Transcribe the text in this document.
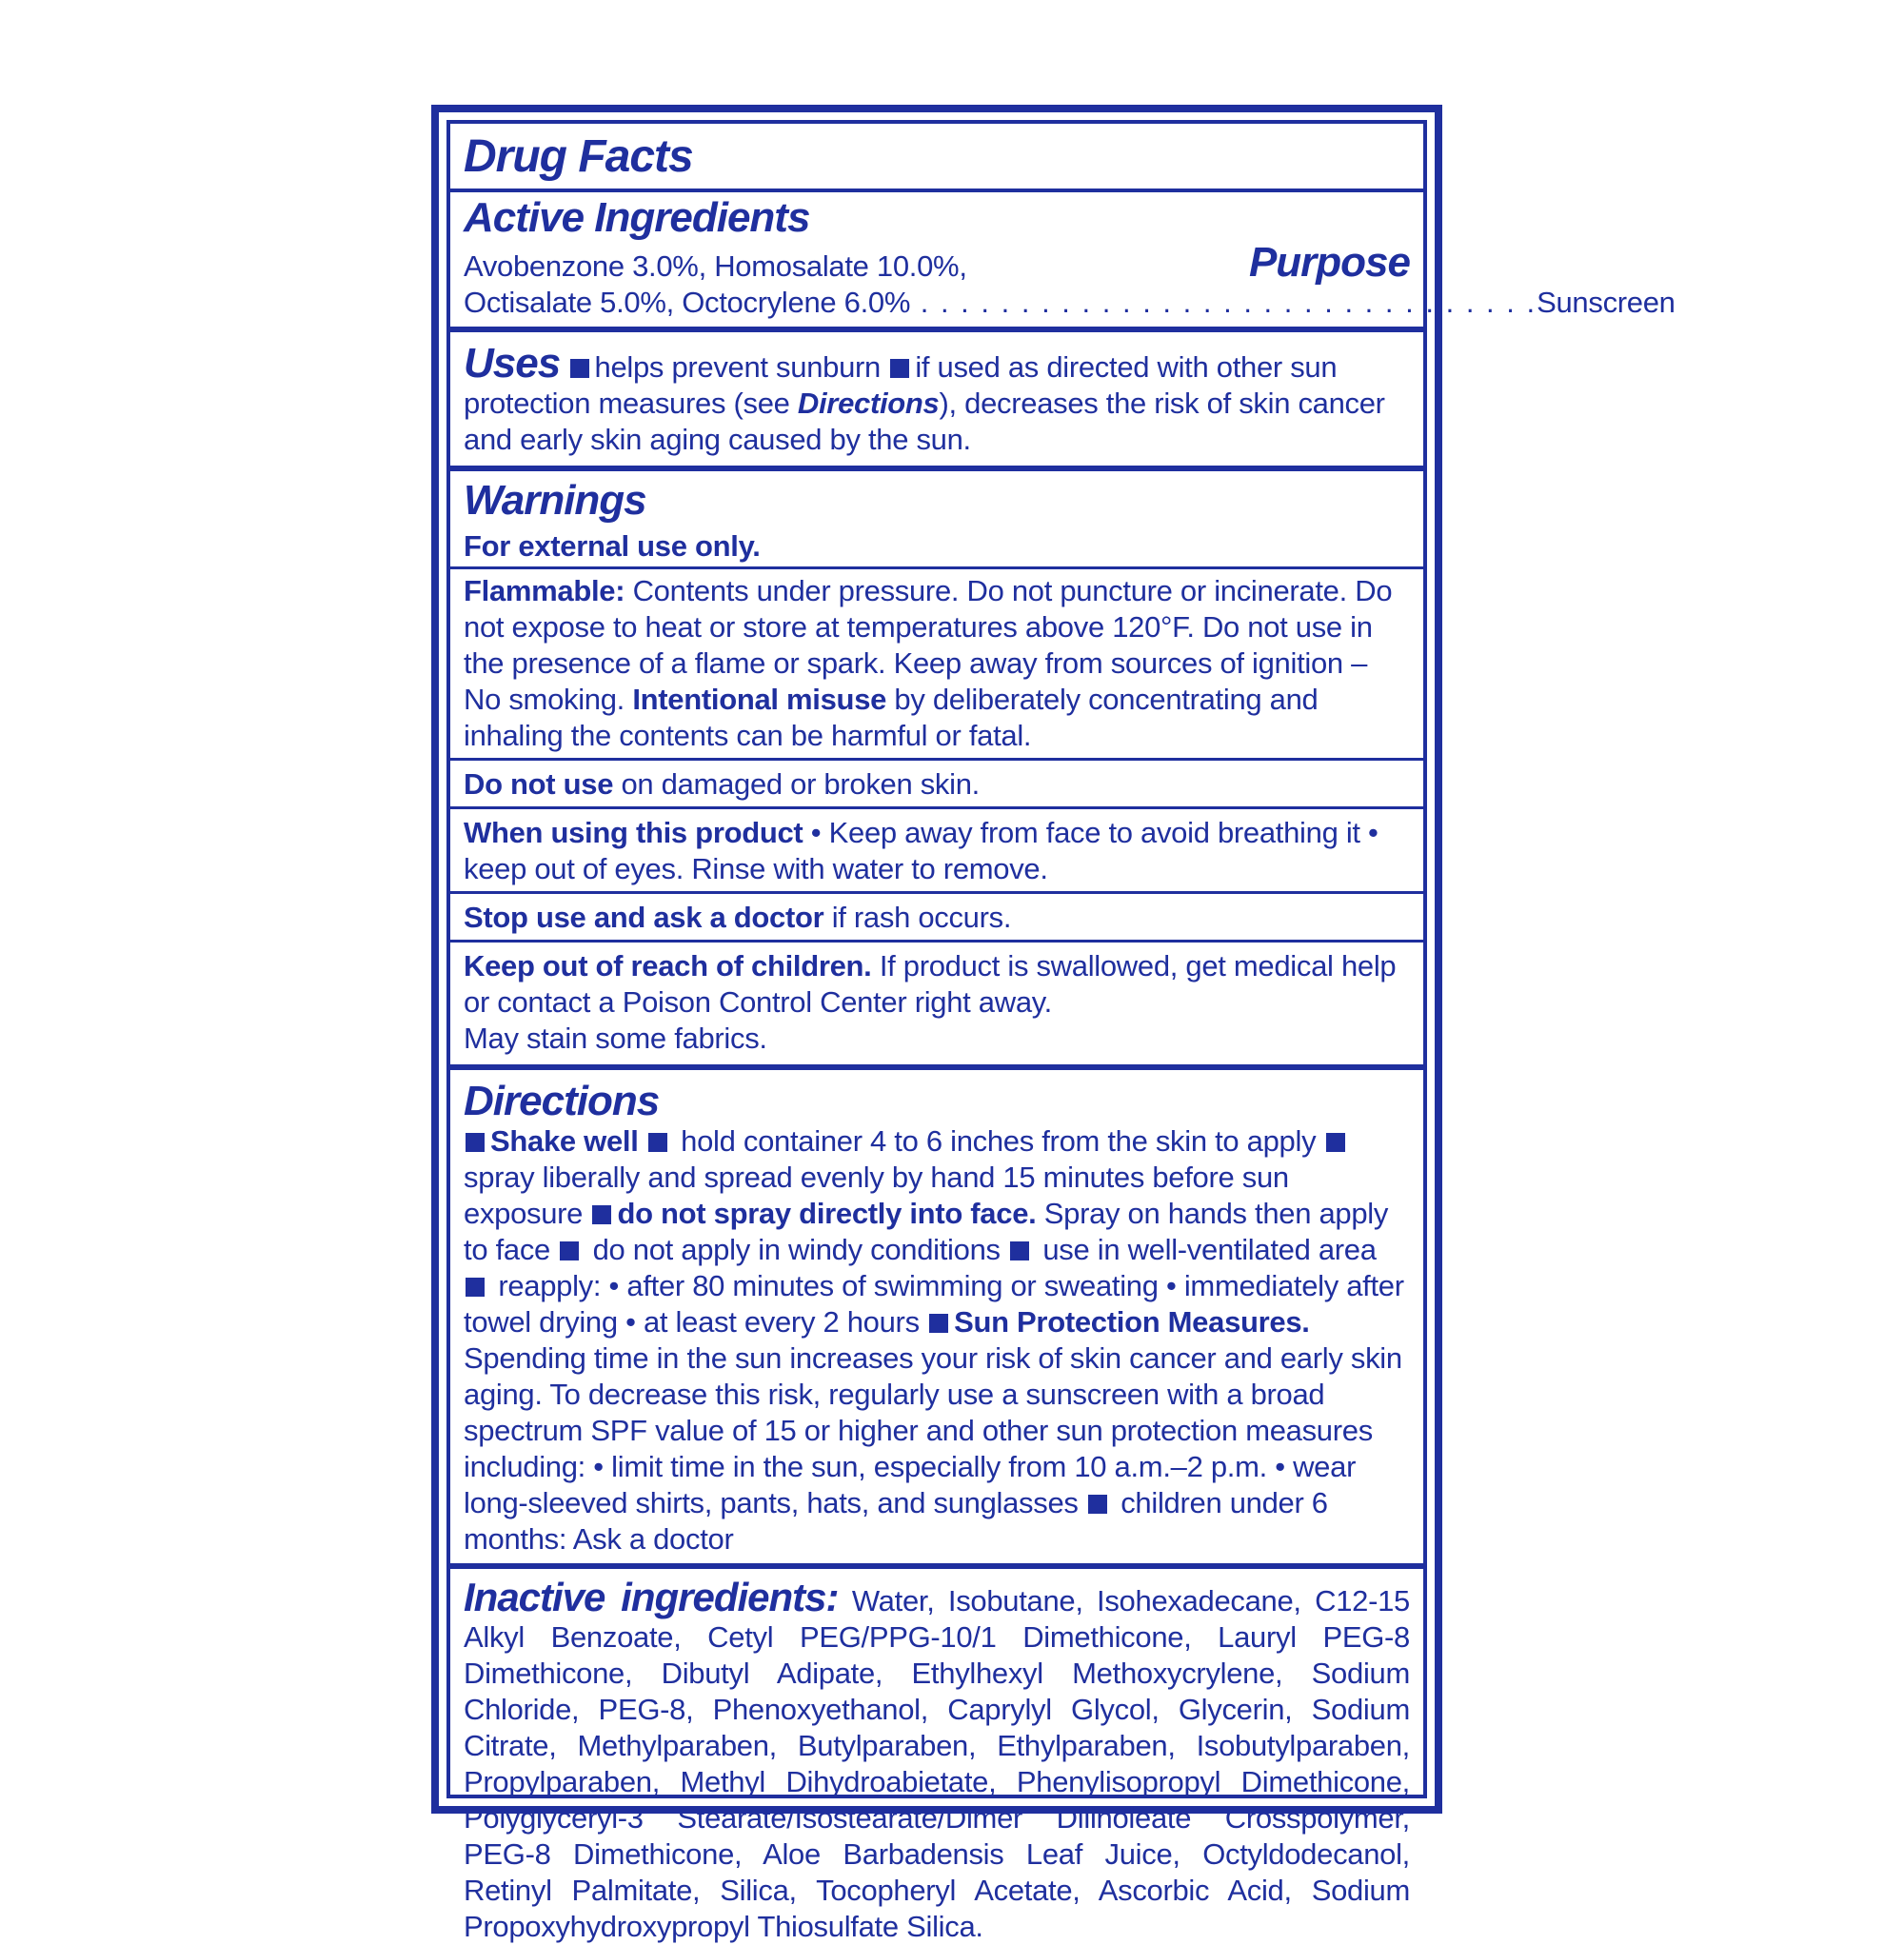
Drug Facts
Active Ingredients
Avobenzone 3.0%, Homosalate 10.0%,	Purpose
Octisalate 5.0%, Octocrylene 6.0% . . . . . . . . . . . . . . . . . . . . . . . . . . . . . . . Sunscreen
Uses helps prevent sunburn if used as directed with other sun protection measures (see Directions), decreases the risk of skin cancer and early skin aging caused by the sun.
Warnings
For external use only.
Flammable: Contents under pressure. Do not puncture or incinerate. Do not expose to heat or store at temperatures above 120°F. Do not use in the presence of a flame or spark. Keep away from sources of ignition – No smoking. Intentional misuse by deliberately concentrating and inhaling the contents can be harmful or fatal.
Do not use on damaged or broken skin.
When using this product • Keep away from face to avoid breathing it • keep out of eyes. Rinse with water to remove.
Stop use and ask a doctor if rash occurs.
Keep out of reach of children. If product is swallowed, get medical help or contact a Poison Control Center right away.
May stain some fabrics.
Directions
Shake well  hold container 4 to 6 inches from the skin to apply  spray liberally and spread evenly by hand 15 minutes before sun exposure do not spray directly into face. Spray on hands then apply to face  do not apply in windy conditions  use in well-ventilated area  reapply: • after 80 minutes of swimming or sweating • immediately after towel drying • at least every 2 hours Sun Protection Measures. Spending time in the sun increases your risk of skin cancer and early skin aging. To decrease this risk, regularly use a sunscreen with a broad spectrum SPF value of 15 or higher and other sun protection measures including: • limit time in the sun, especially from 10 a.m.–2 p.m. • wear long-sleeved shirts, pants, hats, and sunglasses  children under 6 months: Ask a doctor
Inactive ingredients: Water, Isobutane, Isohexadecane, C12-15 Alkyl Benzoate, Cetyl PEG/PPG-10/1 Dimethicone, Lauryl PEG-8 Dimethicone, Dibutyl Adipate, Ethylhexyl Methoxycrylene, Sodium Chloride, PEG-8, Phenoxyethanol, Caprylyl Glycol, Glycerin, Sodium Citrate, Methylparaben, Butylparaben, Ethylparaben, Isobutylparaben, Propylparaben, Methyl Dihydroabietate, Phenylisopropyl Dimethicone, Polyglyceryl-3 Stearate/Isostearate/Dimer Dilinoleate Crosspolymer, PEG-8 Dimethicone, Aloe Barbadensis Leaf Juice, Octyldodecanol, Retinyl Palmitate, Silica, Tocopheryl Acetate, Ascorbic Acid, Sodium Propoxyhydroxypropyl Thiosulfate Silica.
